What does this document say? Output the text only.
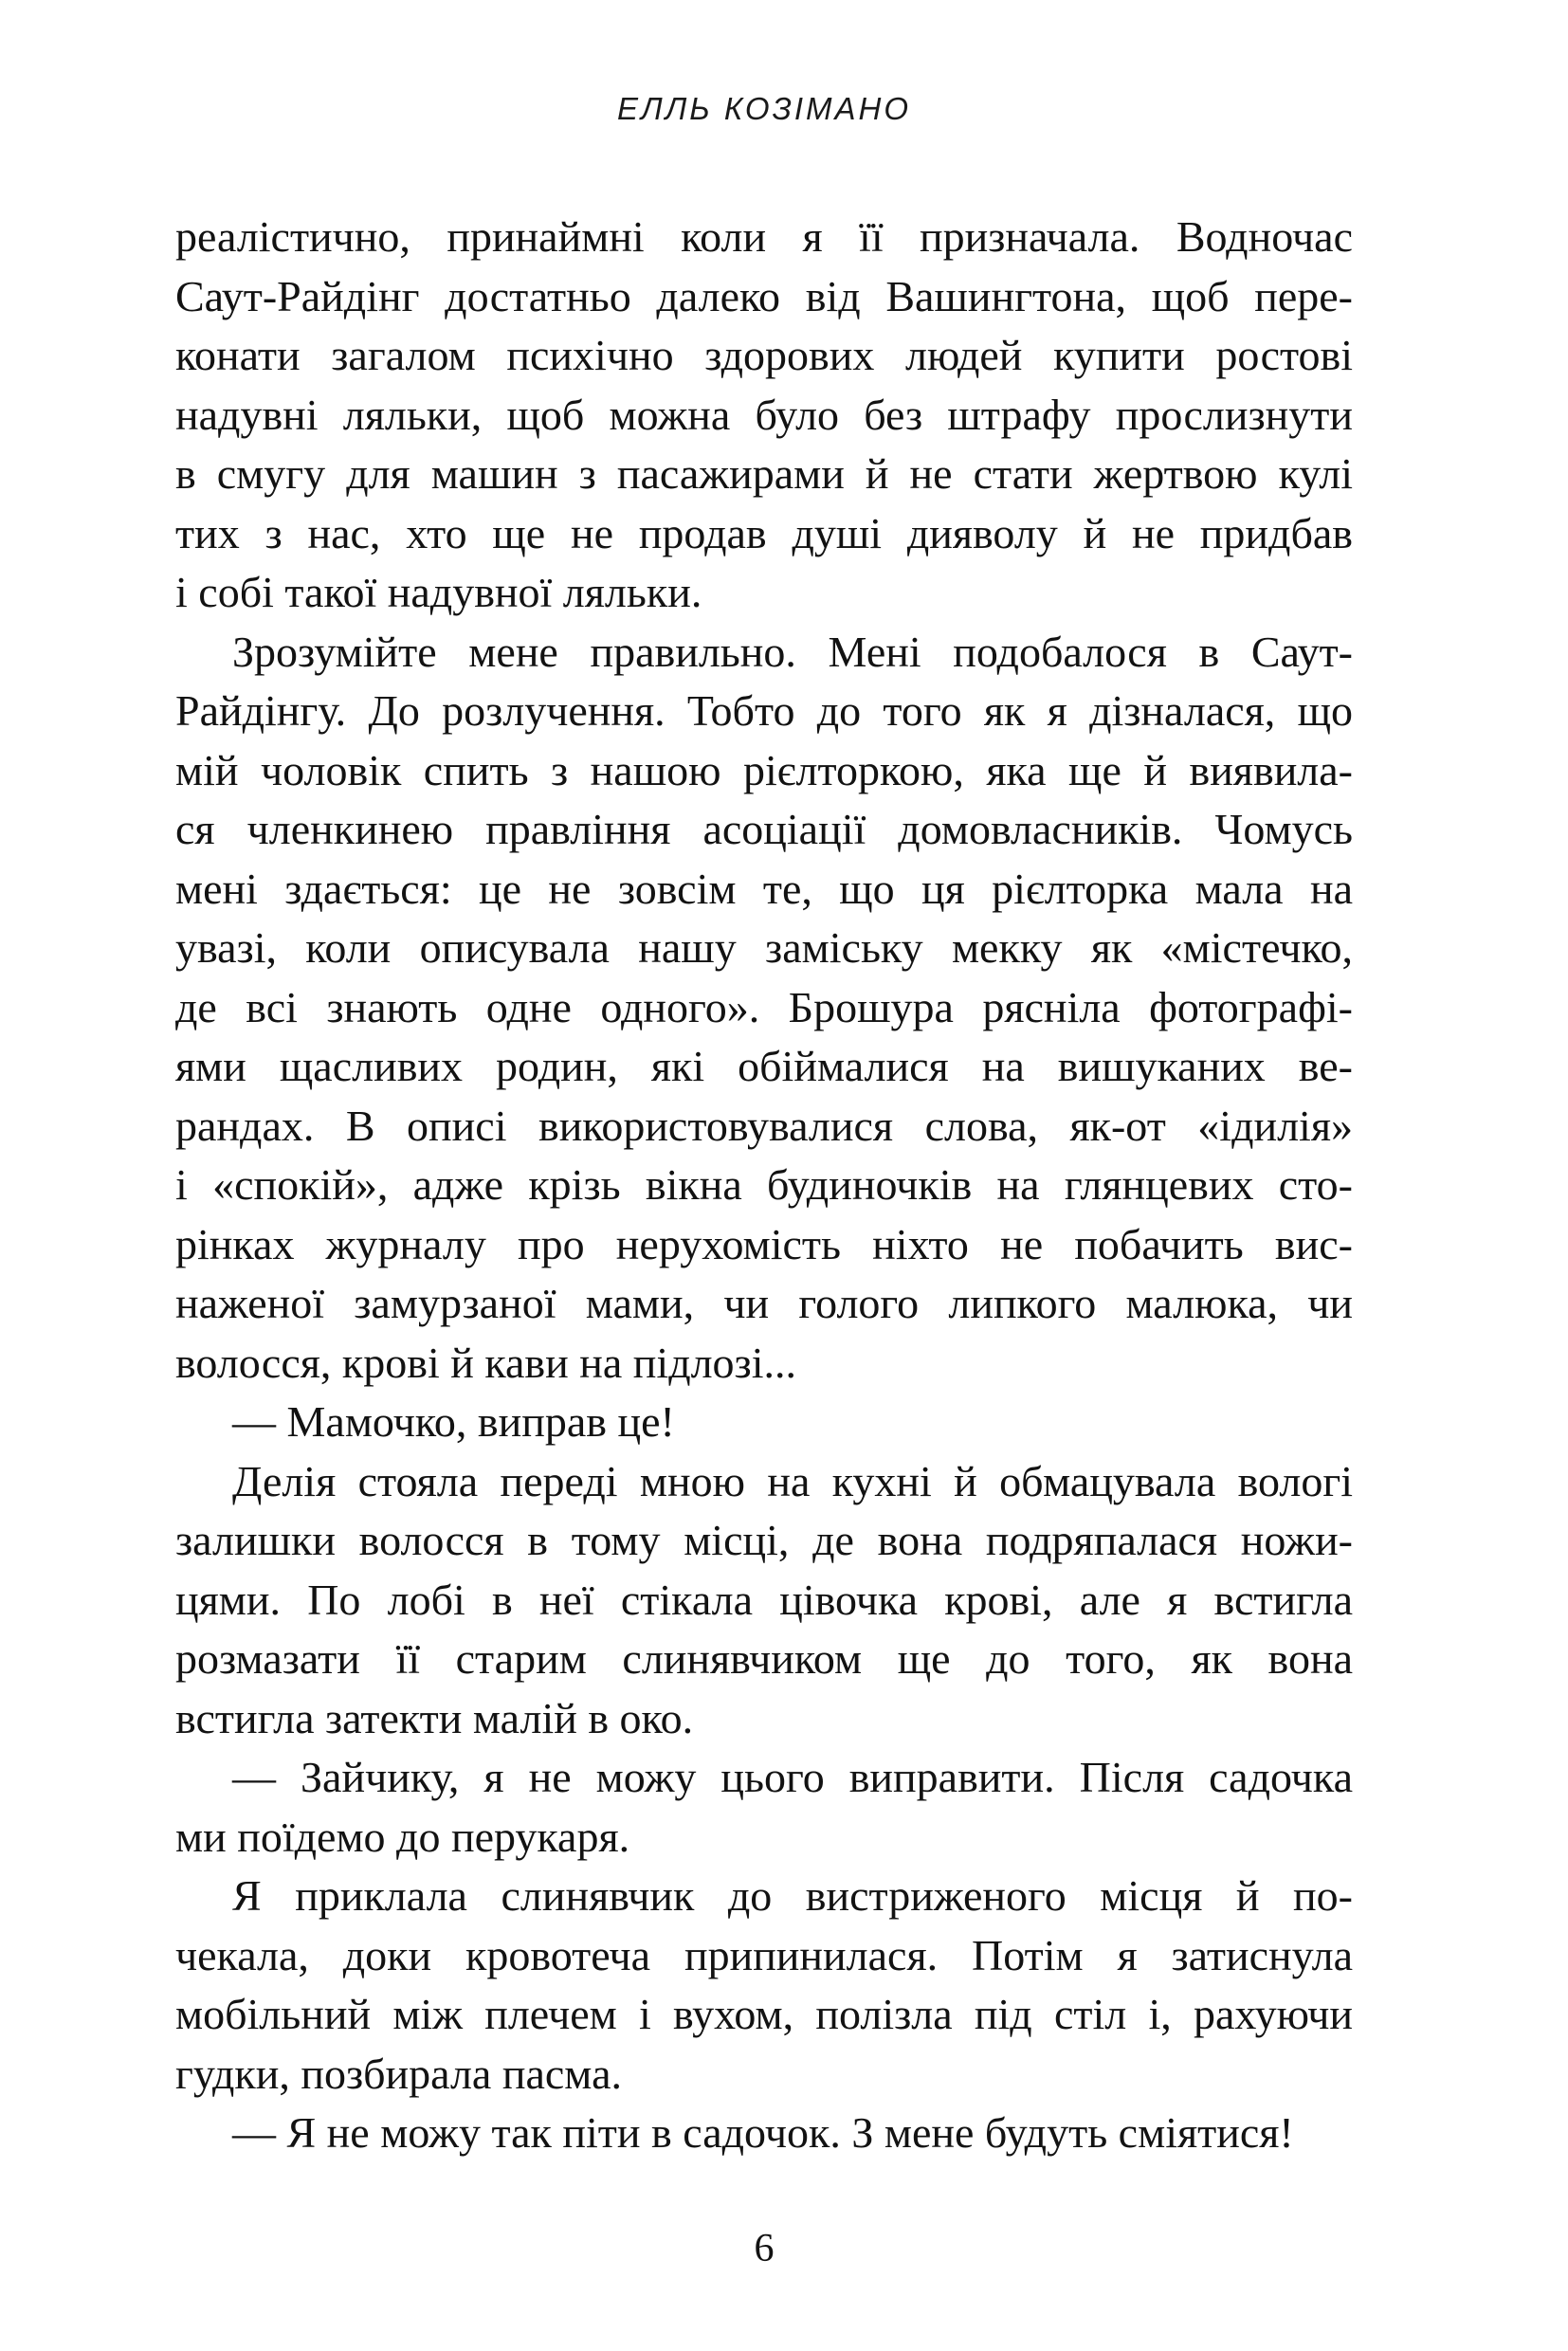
ЕЛЛЬ КОЗІМАНО
реалістично, принаймні коли я її призначала. Водночас
Саут-Райдінг достатньо далеко від Вашингтона, щоб пере-
конати загалом психічно здорових людей купити ростові
надувні ляльки, щоб можна було без штрафу прослизнути
в смугу для машин з пасажирами й не стати жертвою кулі
тих з нас, хто ще не продав душі дияволу й не придбав
і собі такої надувної ляльки.
Зрозумійте мене правильно. Мені подобалося в Саут-
Райдінгу. До розлучення. Тобто до того як я дізналася, що
мій чоловік спить з нашою рієлторкою, яка ще й виявила-
ся членкинею правління асоціації домовласників. Чомусь
мені здається: це не зовсім те, що ця рієлторка мала на
увазі, коли описувала нашу заміську мекку як «містечко,
де всі знають одне одного». Брошура рясніла фотографі-
ями щасливих родин, які обіймалися на вишуканих ве-
рандах. В описі використовувалися слова, як-от «ідилія»
і «спокій», адже крізь вікна будиночків на глянцевих сто-
рінках журналу про нерухомість ніхто не побачить вис-
наженої замурзаної мами, чи голого липкого малюка, чи
волосся, крові й кави на підлозі...
— Мамочко, виправ це!
Делія стояла переді мною на кухні й обмацувала вологі
залишки волосся в тому місці, де вона подряпалася ножи-
цями. По лобі в неї стікала цівочка крові, але я встигла
розмазати її старим слинявчиком ще до того, як вона
встигла затекти малій в око.
— Зайчику, я не можу цього виправити. Після садочка
ми поїдемо до перукаря.
Я приклала слинявчик до вистриженого місця й по-
чекала, доки кровотеча припинилася. Потім я затиснула
мобільний між плечем і вухом, полізла під стіл і, рахуючи
гудки, позбирала пасма.
— Я не можу так піти в садочок. З мене будуть сміятися!
6
